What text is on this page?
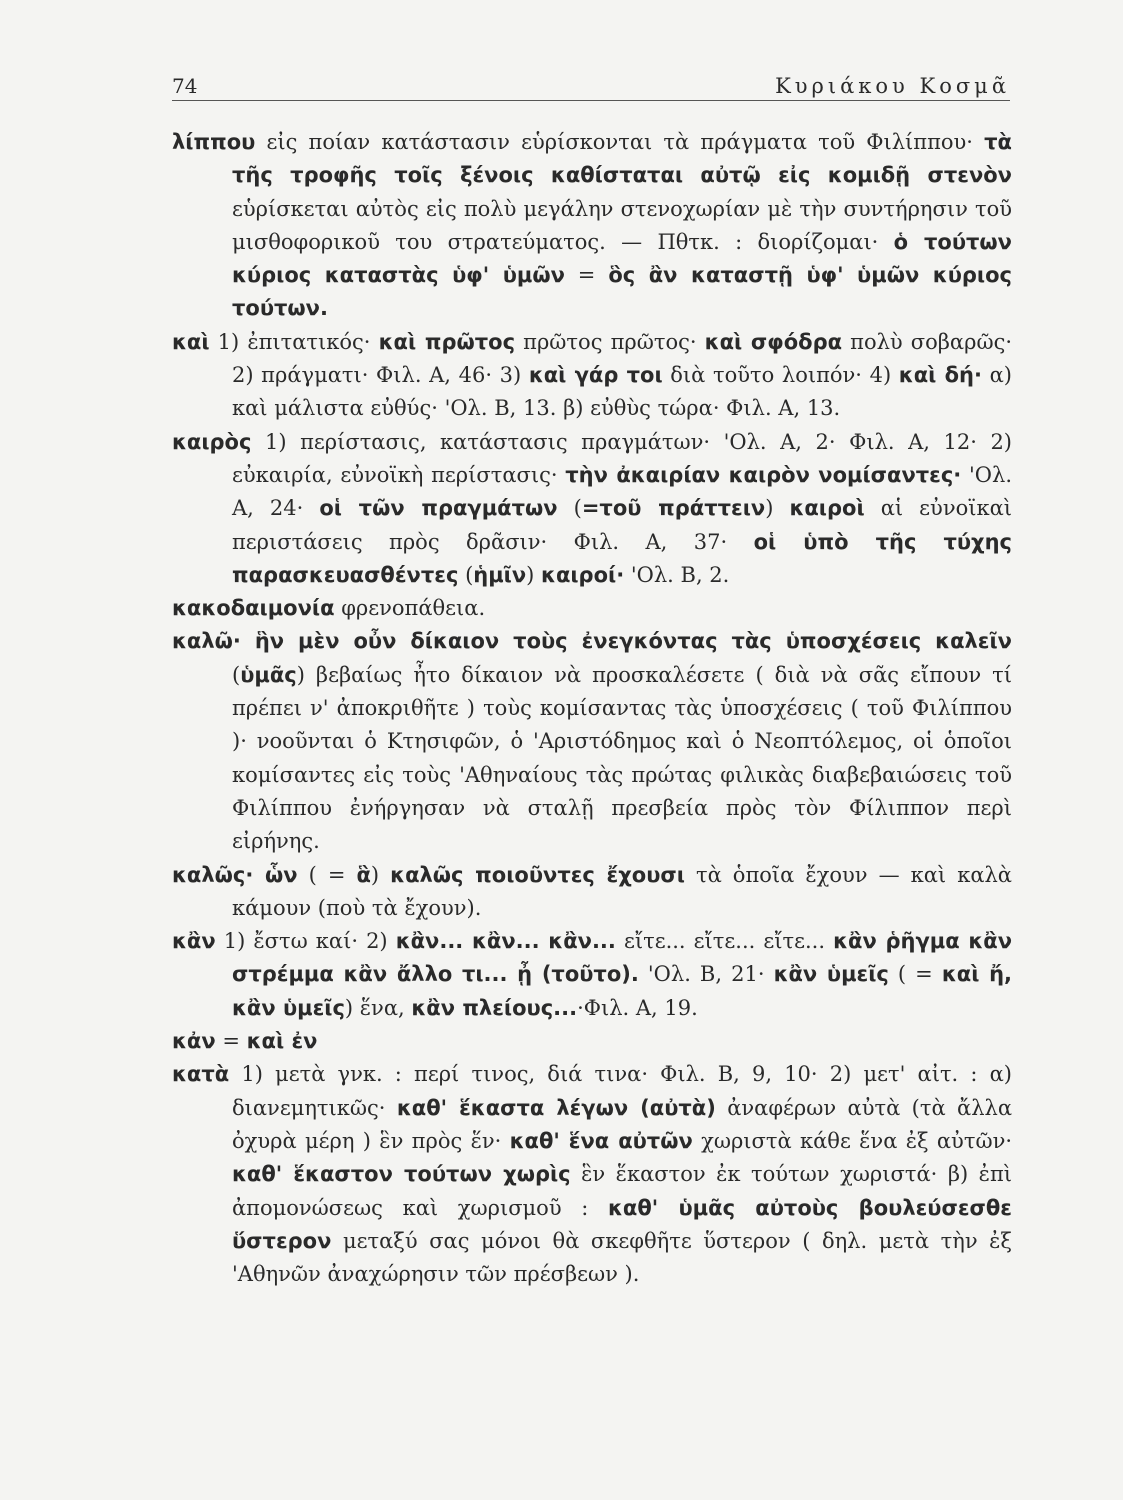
74	Κυριάκου Κοσμᾶ

λίππου εἰς ποίαν κατάστασιν εὑρίσκονται τὰ πράγματα τοῦ Φιλίππου· τὰ τῆς τροφῆς τοῖς ξένοις καθίσταται αὐτῷ εἰς κομιδῇ στενὸν εὑρίσκεται αὐτὸς εἰς πολὺ μεγάλην στενοχωρίαν μὲ τὴν συντήρησιν τοῦ μισθοφορικοῦ του στρατεύματος. — Πθτκ. : διορίζομαι· ὁ τούτων κύριος καταστὰς ὑφ' ὑμῶν = ὃς ἂν καταστῇ ὑφ' ὑμῶν κύριος τούτων.

καὶ 1) ἐπιτατικός· καὶ πρῶτος πρῶτος πρῶτος· καὶ σφόδρα πολὺ σοβαρῶς· 2) πράγματι· Φιλ. Α, 46· 3) καὶ γάρ τοι διὰ τοῦτο λοιπόν· 4) καὶ δή· α) καὶ μάλιστα εὐθύς· 'Ολ. Β, 13. β) εὐθὺς τώρα· Φιλ. Α, 13.

καιρὸς 1) περίστασις, κατάστασις πραγμάτων· 'Ολ. Α, 2· Φιλ. Α, 12· 2) εὐκαιρία, εὐνοϊκὴ περίστασις· τὴν ἀκαιρίαν καιρὸν νομίσαντες· 'Ολ. Α, 24· οἱ τῶν πραγμάτων (=τοῦ πράττειν) καιροὶ αἱ εὐνοϊκαὶ περιστάσεις πρὸς δρᾶσιν· Φιλ. Α, 37· οἱ ὑπὸ τῆς τύχης παρασκευασθέντες (ἡμῖν) καιροί· 'Ολ. Β, 2.

κακοδαιμονία φρενοπάθεια.

καλῶ· ἣν μὲν οὖν δίκαιον τοὺς ἐνεγκόντας τὰς ὑποσχέσεις καλεῖν (ὑμᾶς) βεβαίως ἦτο δίκαιον νὰ προσκαλέσετε ( διὰ νὰ σᾶς εἴπουν τί πρέπει ν' ἀποκριθῆτε ) τοὺς κομίσαντας τὰς ὑποσχέσεις ( τοῦ Φιλίππου )· νοοῦνται ὁ Κτησιφῶν, ὁ 'Αριστόδημος καὶ ὁ Νεοπτόλεμος, οἱ ὁποῖοι κομίσαντες εἰς τοὺς 'Αθηναίους τὰς πρώτας φιλικὰς διαβεβαιώσεις τοῦ Φιλίππου ἐνήργησαν νὰ σταλῇ πρεσβεία πρὸς τὸν Φίλιππον περὶ εἰρήνης.

καλῶς· ὧν ( = ἃ) καλῶς ποιοῦντες ἔχουσι τὰ ὁποῖα ἔχουν — καὶ καλὰ κάμουν (ποὺ τὰ ἔχουν).

κἂν 1) ἔστω καί· 2) κἂν... κἂν... κἂν... εἴτε... εἴτε... εἴτε... κἂν ῥῆγμα κἂν στρέμμα κἂν ἄλλο τι... ᾖ (τοῦτο). 'Ολ. Β, 21· κἂν ὑμεῖς ( = καὶ ἤ, κἂν ὑμεῖς) ἕνα, κἂν πλείους...·Φιλ. Α, 19.

κἀν = καὶ ἐν

κατὰ 1) μετὰ γνκ. : περί τινος, διά τινα· Φιλ. Β, 9, 10· 2) μετ' αἰτ. : α) διανεμητικῶς· καθ' ἕκαστα λέγων (αὐτὰ) ἀναφέρων αὐτὰ (τὰ ἄλλα ὀχυρὰ μέρη ) ἓν πρὸς ἕν· καθ' ἕνα αὐτῶν χωριστὰ κάθε ἕνα ἐξ αὐτῶν· καθ' ἕκαστον τούτων χωρὶς ἓν ἕκαστον ἐκ τούτων χωριστά· β) ἐπὶ ἀπομονώσεως καὶ χωρισμοῦ : καθ' ὑμᾶς αὐτοὺς βουλεύσεσθε ὕστερον μεταξύ σας μόνοι θὰ σκεφθῆτε ὕστερον ( δηλ. μετὰ τὴν ἐξ 'Αθηνῶν ἀναχώρησιν τῶν πρέσβεων ).
